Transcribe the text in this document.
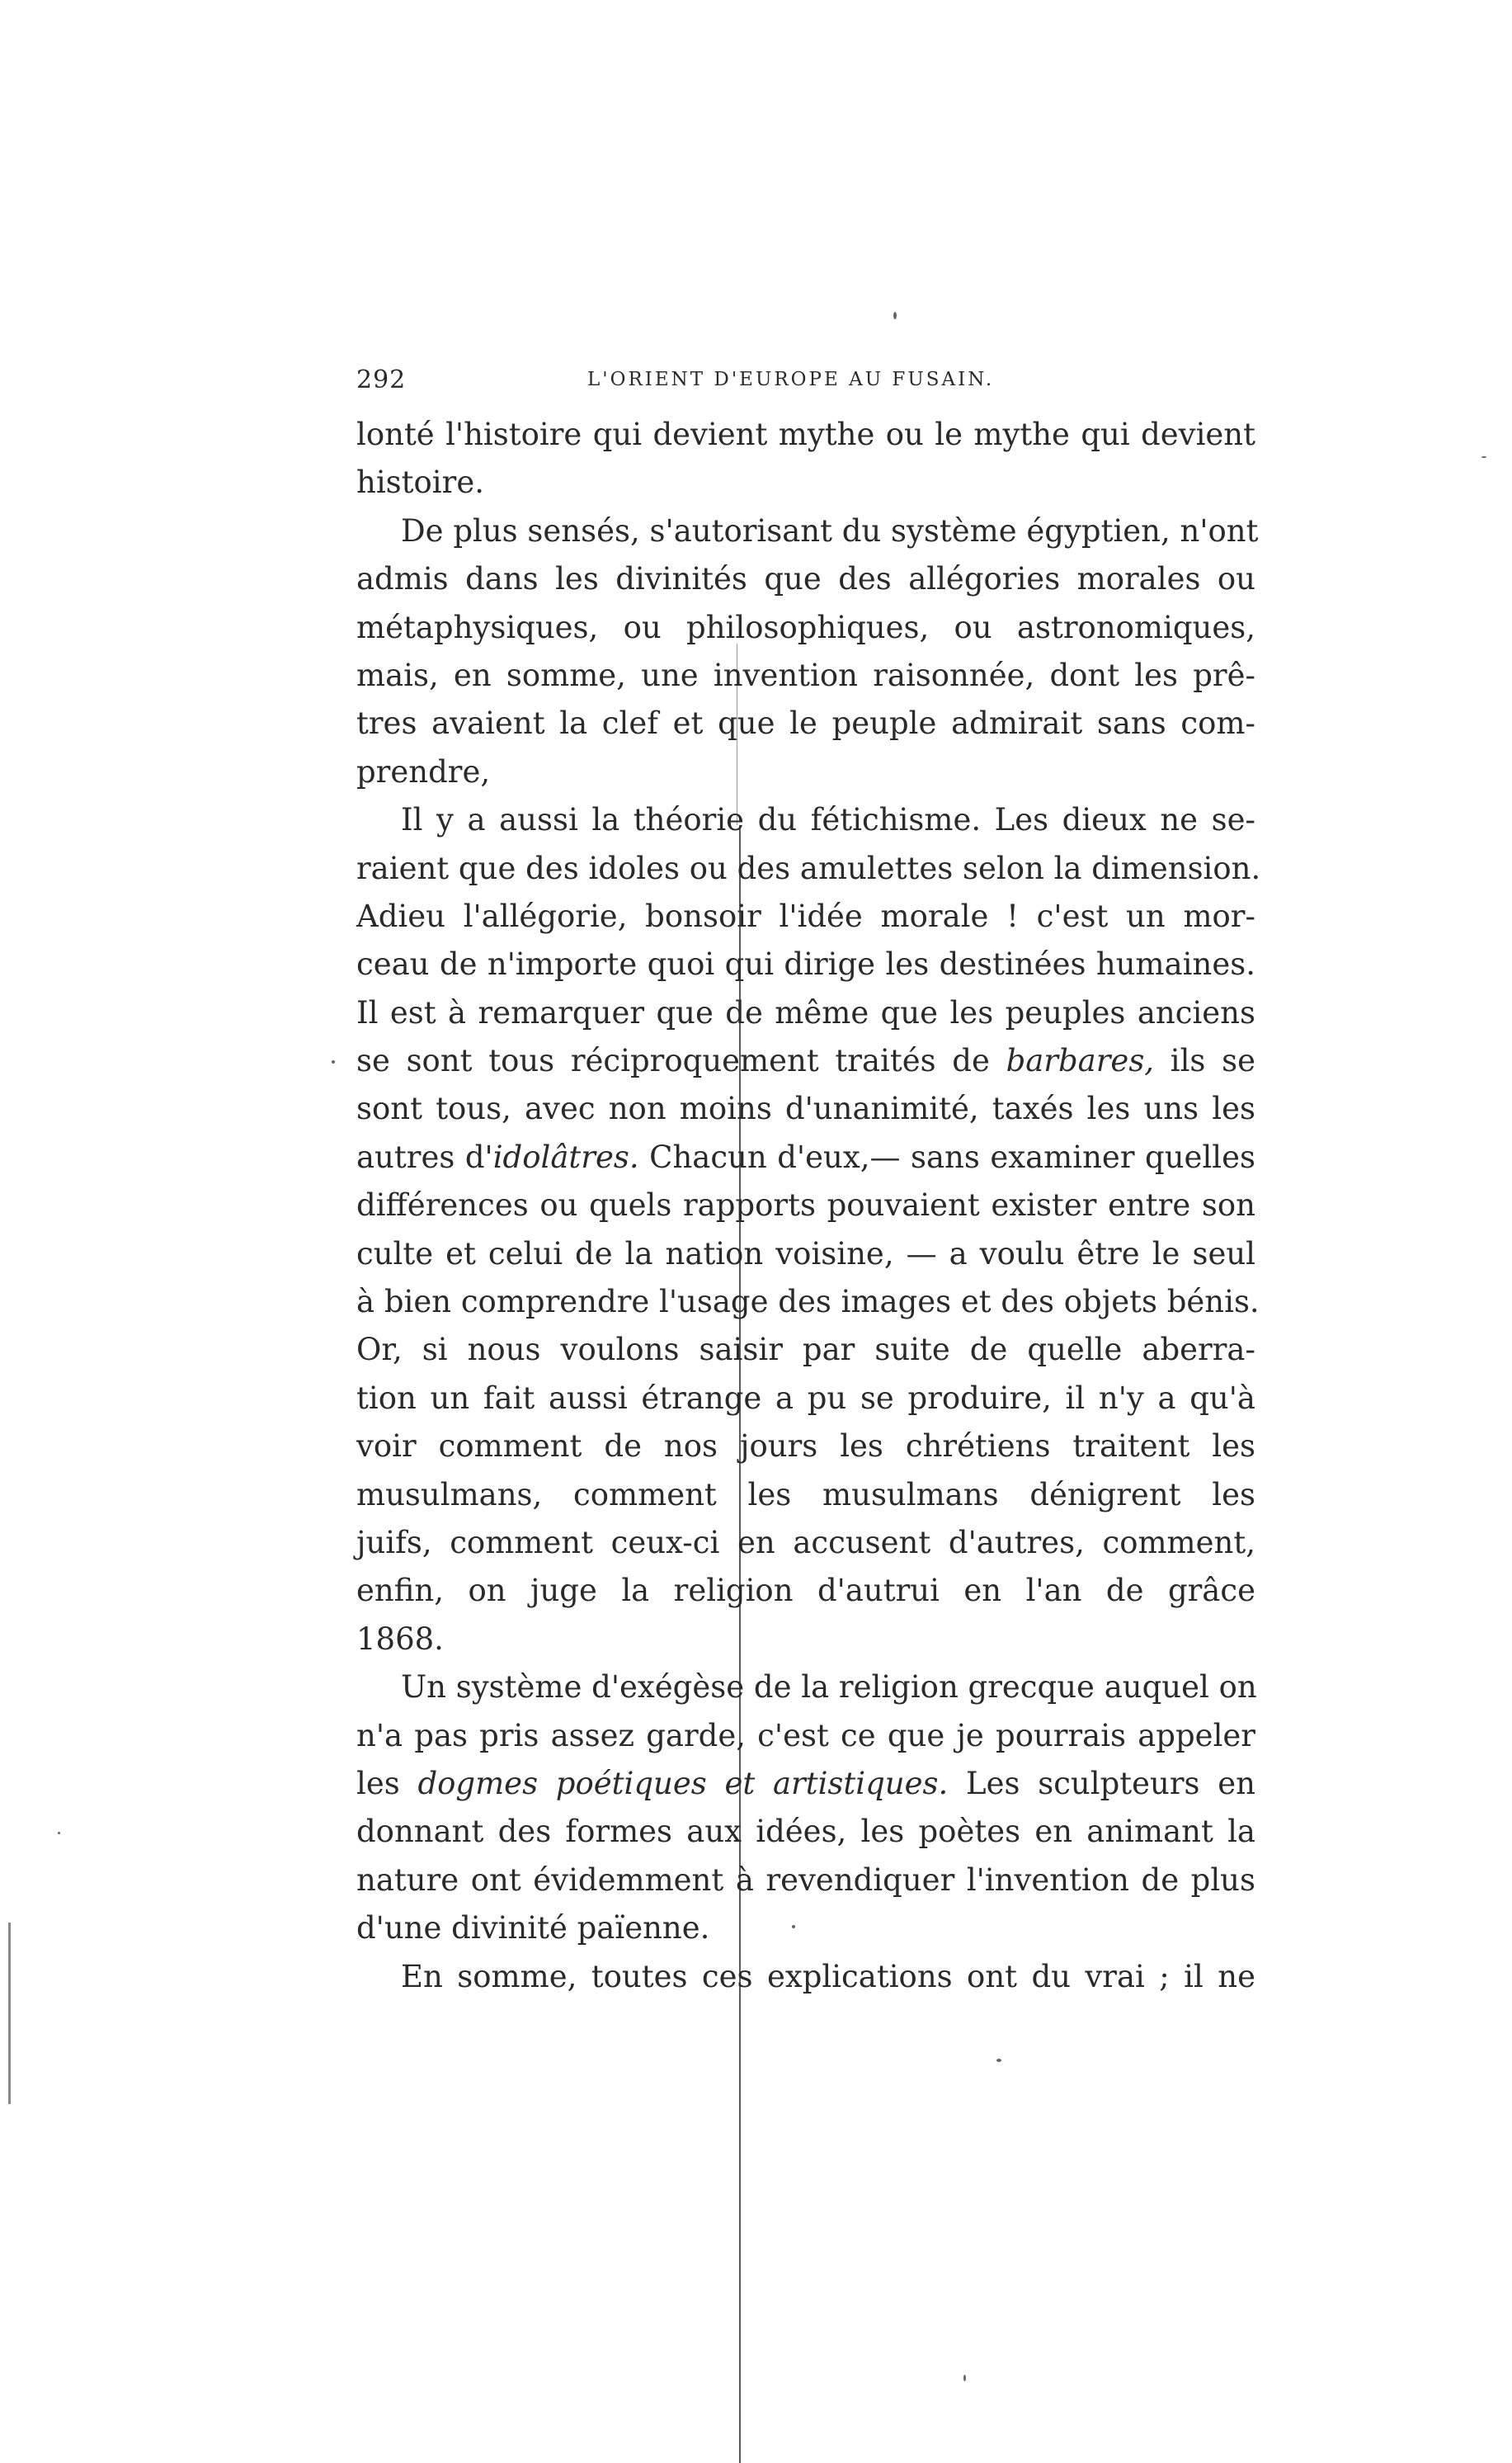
292	L'ORIENT D'EUROPE AU FUSAIN.
lonté l'histoire qui devient mythe ou le mythe qui devient
histoire.
De plus sensés, s'autorisant du système égyptien, n'ont
admis dans les divinités que des allégories morales ou
métaphysiques, ou philosophiques, ou astronomiques,
mais, en somme, une invention raisonnée, dont les prê-
tres avaient la clef et que le peuple admirait sans com-
prendre,
Il y a aussi la théorie du fétichisme. Les dieux ne se-
raient que des idoles ou des amulettes selon la dimension.
Adieu l'allégorie, bonsoir l'idée morale ! c'est un mor-
ceau de n'importe quoi qui dirige les destinées humaines.
Il est à remarquer que de même que les peuples anciens
se sont tous réciproquement traités de barbares, ils se
sont tous, avec non moins d'unanimité, taxés les uns les
autres d'idolâtres. Chacun d'eux,— sans examiner quelles
différences ou quels rapports pouvaient exister entre son
culte et celui de la nation voisine, — a voulu être le seul
à bien comprendre l'usage des images et des objets bénis.
Or, si nous voulons saisir par suite de quelle aberra-
tion un fait aussi étrange a pu se produire, il n'y a qu'à
voir comment de nos jours les chrétiens traitent les
musulmans, comment les musulmans dénigrent les
juifs, comment ceux-ci en accusent d'autres, comment,
enfin, on juge la religion d'autrui en l'an de grâce
1868.
Un système d'exégèse de la religion grecque auquel on
n'a pas pris assez garde, c'est ce que je pourrais appeler
les dogmes poétiques et artistiques. Les sculpteurs en
donnant des formes aux idées, les poètes en animant la
nature ont évidemment à revendiquer l'invention de plus
d'une divinité païenne.
En somme, toutes ces explications ont du vrai ; il ne
